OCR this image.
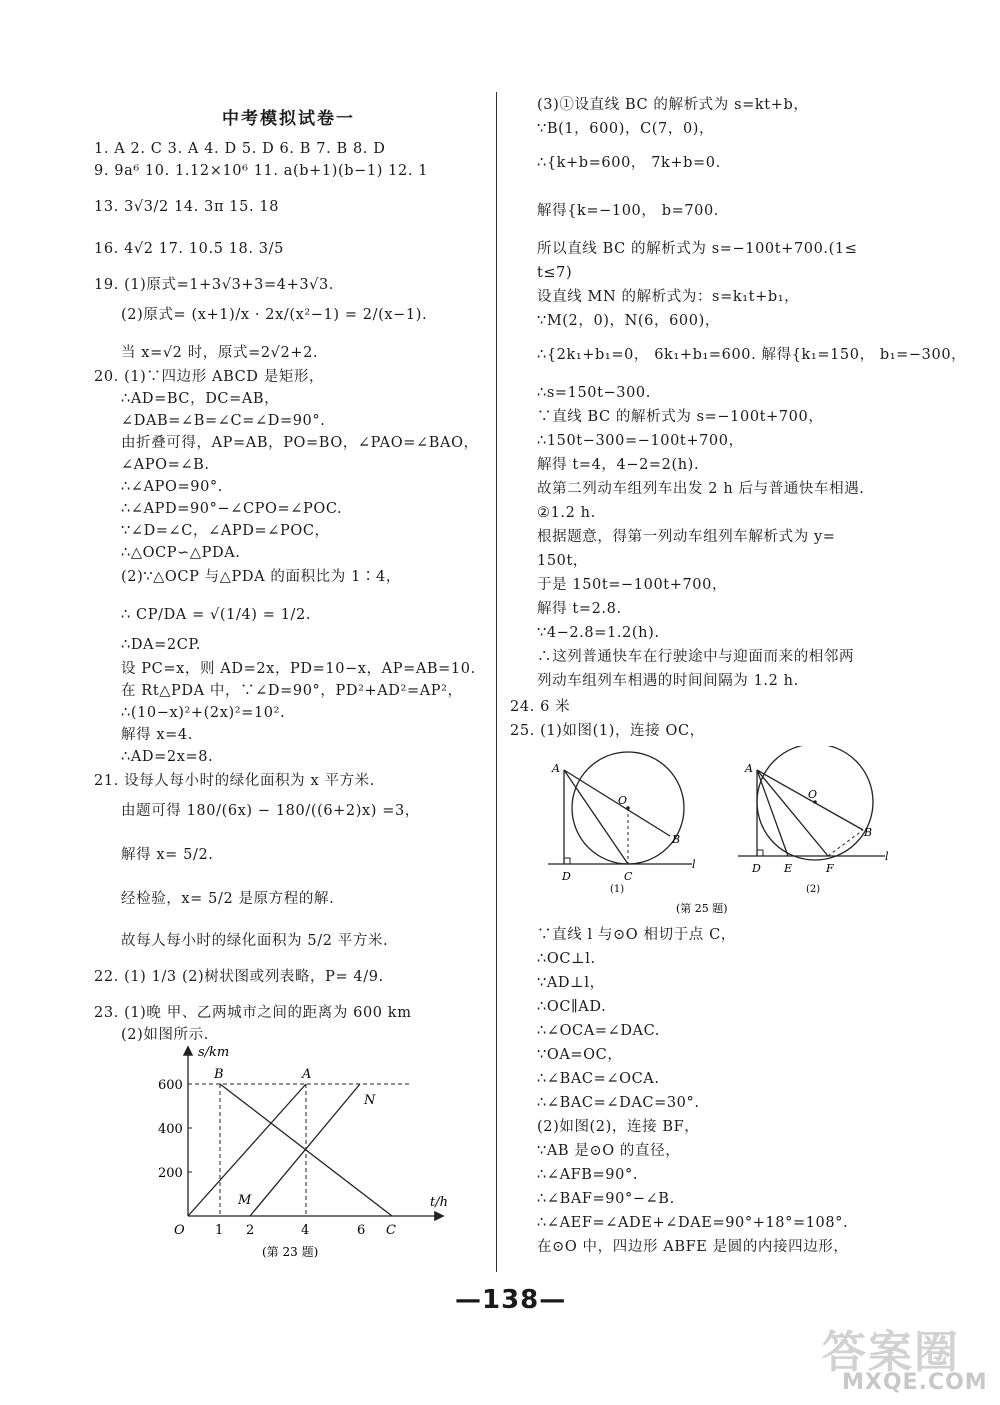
中考模拟试卷一
1. A 2. C 3. A 4. D 5. D 6. B 7. B 8. D
9. 9a⁶ 10. 1.12×10⁶ 11. a(b+1)(b−1) 12. 1
13. 3√3/2 14. 3π 15. 18
16. 4√2 17. 10.5 18. 3/5
19. (1)原式=1+3√3+3=4+3√3.
(2)原式= (x+1)/x · 2x/(x²−1) = 2/(x−1).
当 x=√2 时，原式=2√2+2.
20. (1)∵四边形 ABCD 是矩形，
∴AD=BC，DC=AB，
∠DAB=∠B=∠C=∠D=90°.
由折叠可得，AP=AB，PO=BO，∠PAO=∠BAO，
∠APO=∠B.
∴∠APO=90°.
∴∠APD=90°−∠CPO=∠POC.
∵∠D=∠C，∠APD=∠POC，
∴△OCP∽△PDA.
(2)∵△OCP 与△PDA 的面积比为 1∶4，
∴ CP/DA = √(1/4) = 1/2.
∴DA=2CP.
设 PC=x，则 AD=2x，PD=10−x，AP=AB=10.
在 Rt△PDA 中，∵∠D=90°，PD²+AD²=AP²，
∴(10−x)²+(2x)²=10².
解得 x=4.
∴AD=2x=8.
21. 设每人每小时的绿化面积为 x 平方米.
由题可得 180/(6x) − 180/((6+2)x) =3，
解得 x= 5/2.
经检验，x= 5/2 是原方程的解.
故每人每小时的绿化面积为 5/2 平方米.
22. (1) 1/3 (2)树状图或列表略，P= 4/9.
23. (1)晚 甲、乙两城市之间的距离为 600 km
(2)如图所示.
s/km
t/h
O
600
400
200
1 2	4	6
B	A
N
M
C
(第 23 题)
(3)①设直线 BC 的解析式为 s=kt+b，
∵B(1，600)，C(7，0)，
∴{k+b=600， 7k+b=0.
解得{k=−100， b=700.
所以直线 BC 的解析式为 s=−100t+700.(1≤
t≤7)
设直线 MN 的解析式为：s=k₁t+b₁，
∵M(2，0)，N(6，600)，
∴{2k₁+b₁=0， 6k₁+b₁=600. 解得{k₁=150， b₁=−300，
∴s=150t−300.
∵直线 BC 的解析式为 s=−100t+700，
∴150t−300=−100t+700，
解得 t=4，4−2=2(h).
故第二列动车组列车出发 2 h 后与普通快车相遇.
②1.2 h.
根据题意，得第一列动车组列车解析式为 y=
150t，
于是 150t=−100t+700，
解得 t=2.8.
∵4−2.8=1.2(h).
∴这列普通快车在行驶途中与迎面而来的相邻两
列动车组列车相遇的时间间隔为 1.2 h.
24. 6 米
25. (1)如图(1)，连接 OC，
∵直线 l 与⊙O 相切于点 C，
∴OC⊥l.
∵AD⊥l，
∴OC∥AD.
∴∠OCA=∠DAC.
∵OA=OC，
∴∠BAC=∠OCA.
∴∠BAC=∠DAC=30°.
(2)如图(2)，连接 BF，
∵AB 是⊙O 的直径，
∴∠AFB=90°.
∴∠BAF=90°−∠B.
∴∠AEF=∠ADE+∠DAE=90°+18°=108°.
在⊙O 中，四边形 ABFE 是圆的内接四边形，
A
O
B
D	C
l
(1)
A
O
B
D E	F
l
(2)
(第 25 题)
—138—
答案圈
MXQE.COM
